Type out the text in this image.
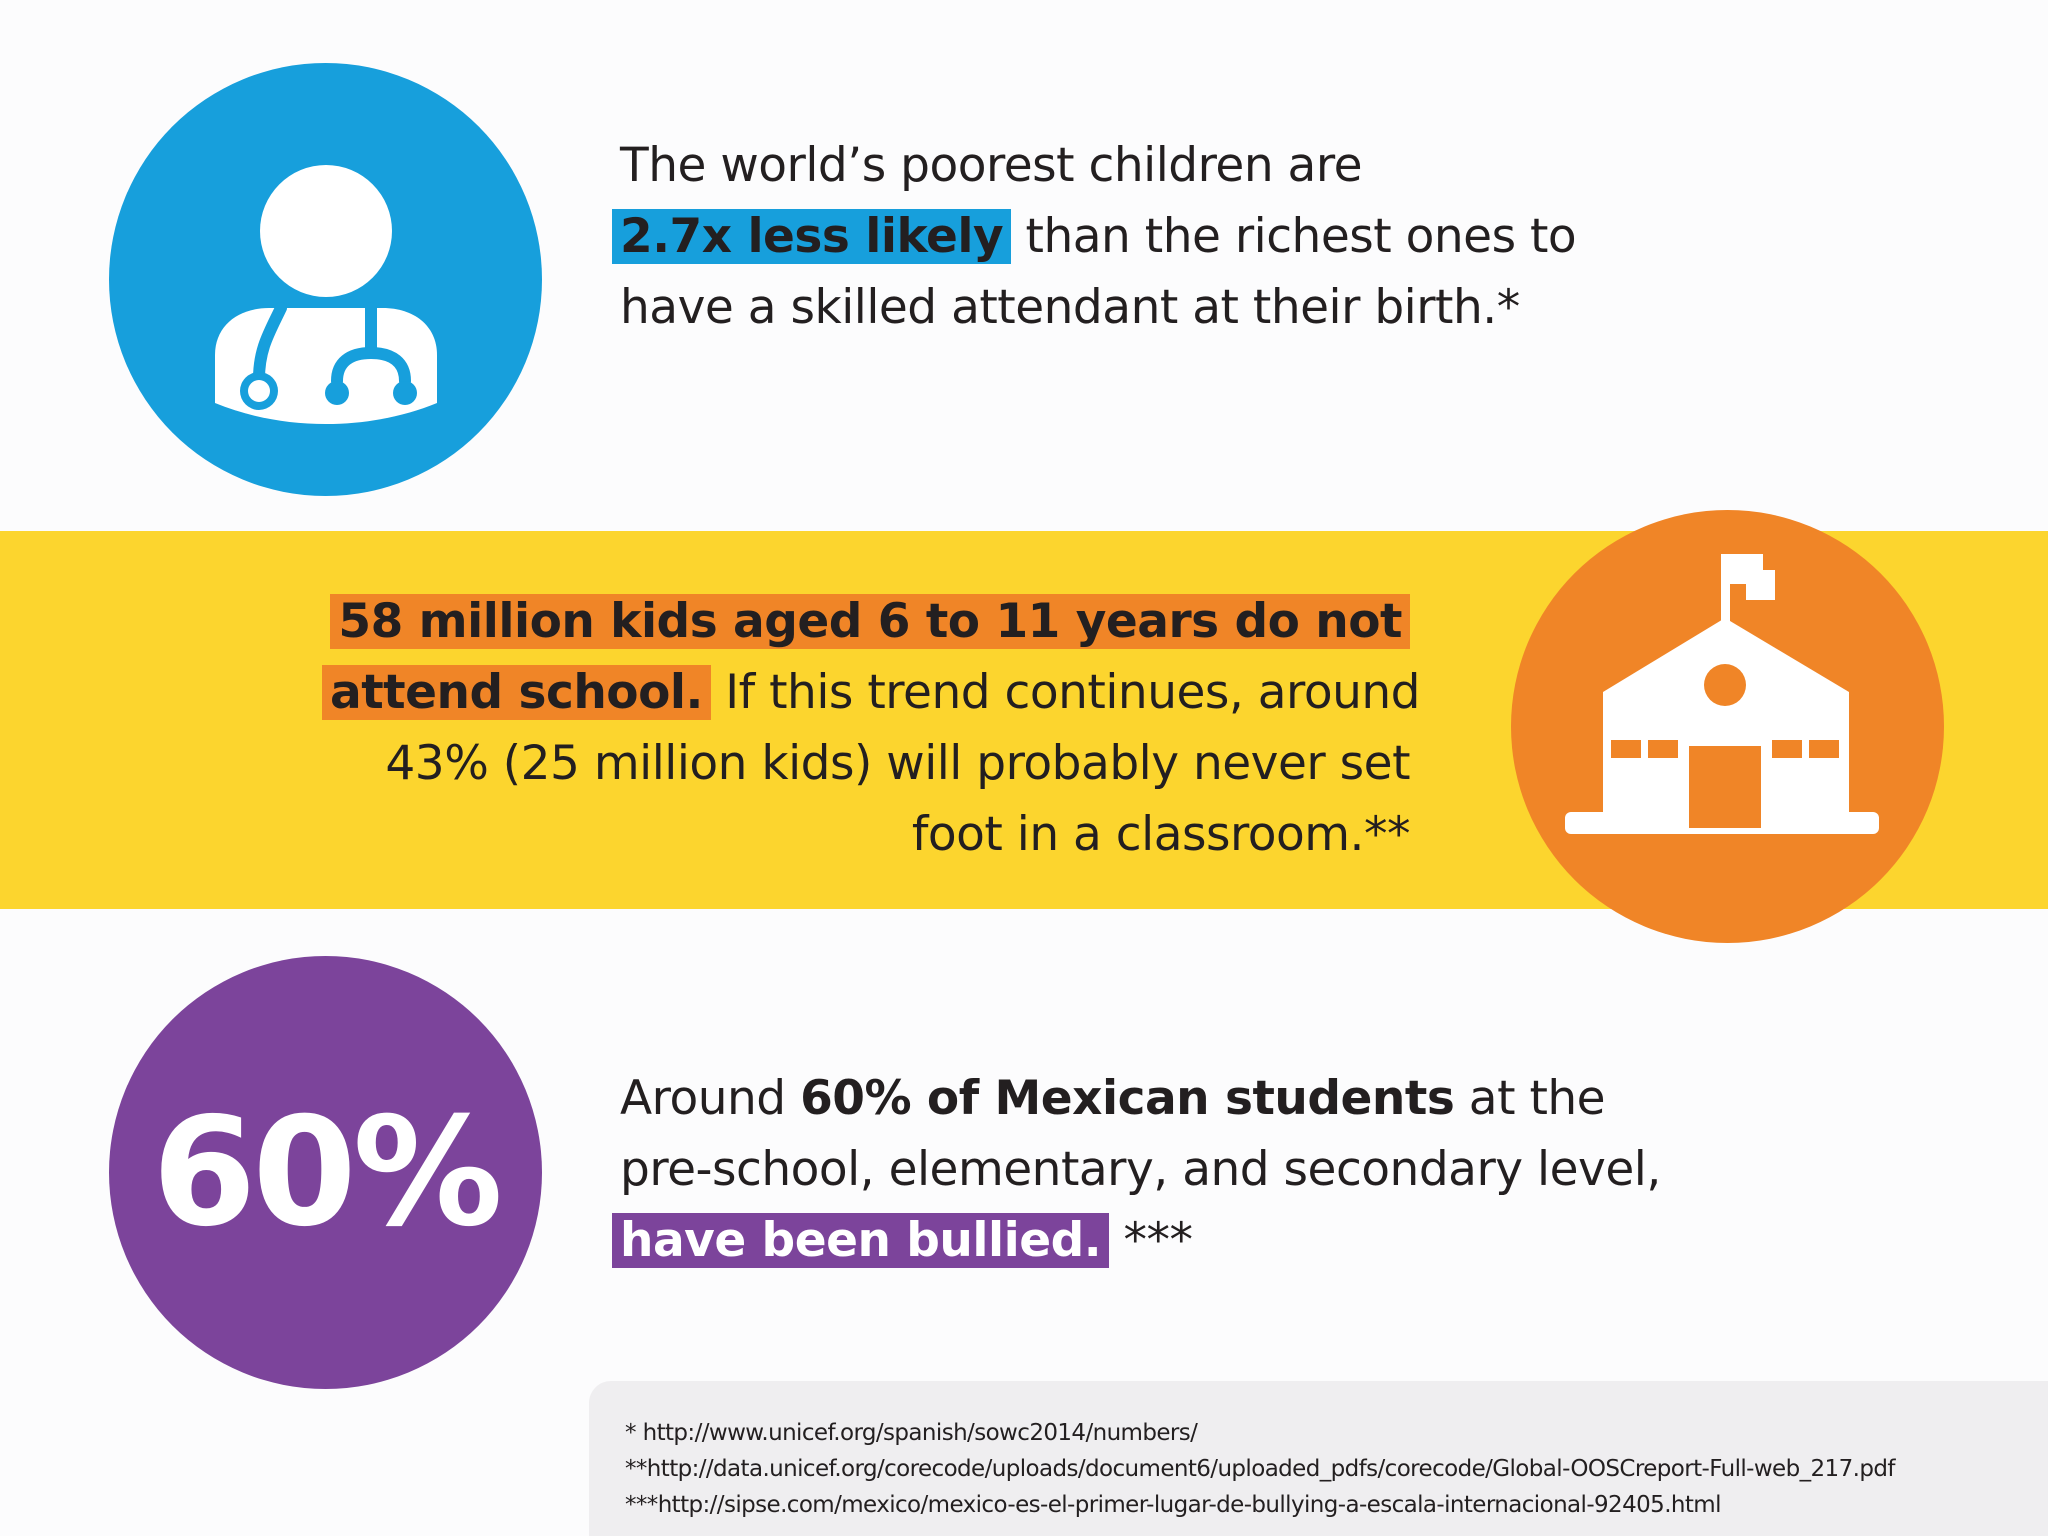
The world’s poorest children are
2.7x less likely than the richest ones to
have a skilled attendant at their birth.*
58 million kids aged 6 to 11 years do not
attend school. If this trend continues, around
43% (25 million kids) will probably never set
foot in a classroom.**
60%	Around 60% of Mexican students at the
pre-school, elementary, and secondary level,
have been bullied. ***
* http://www.unicef.org/spanish/sowc2014/numbers/
**http://data.unicef.org/corecode/uploads/document6/uploaded_pdfs/corecode/Global-OOSCreport-Full-web_217.pdf
***http://sipse.com/mexico/mexico-es-el-primer-lugar-de-bullying-a-escala-internacional-92405.html
